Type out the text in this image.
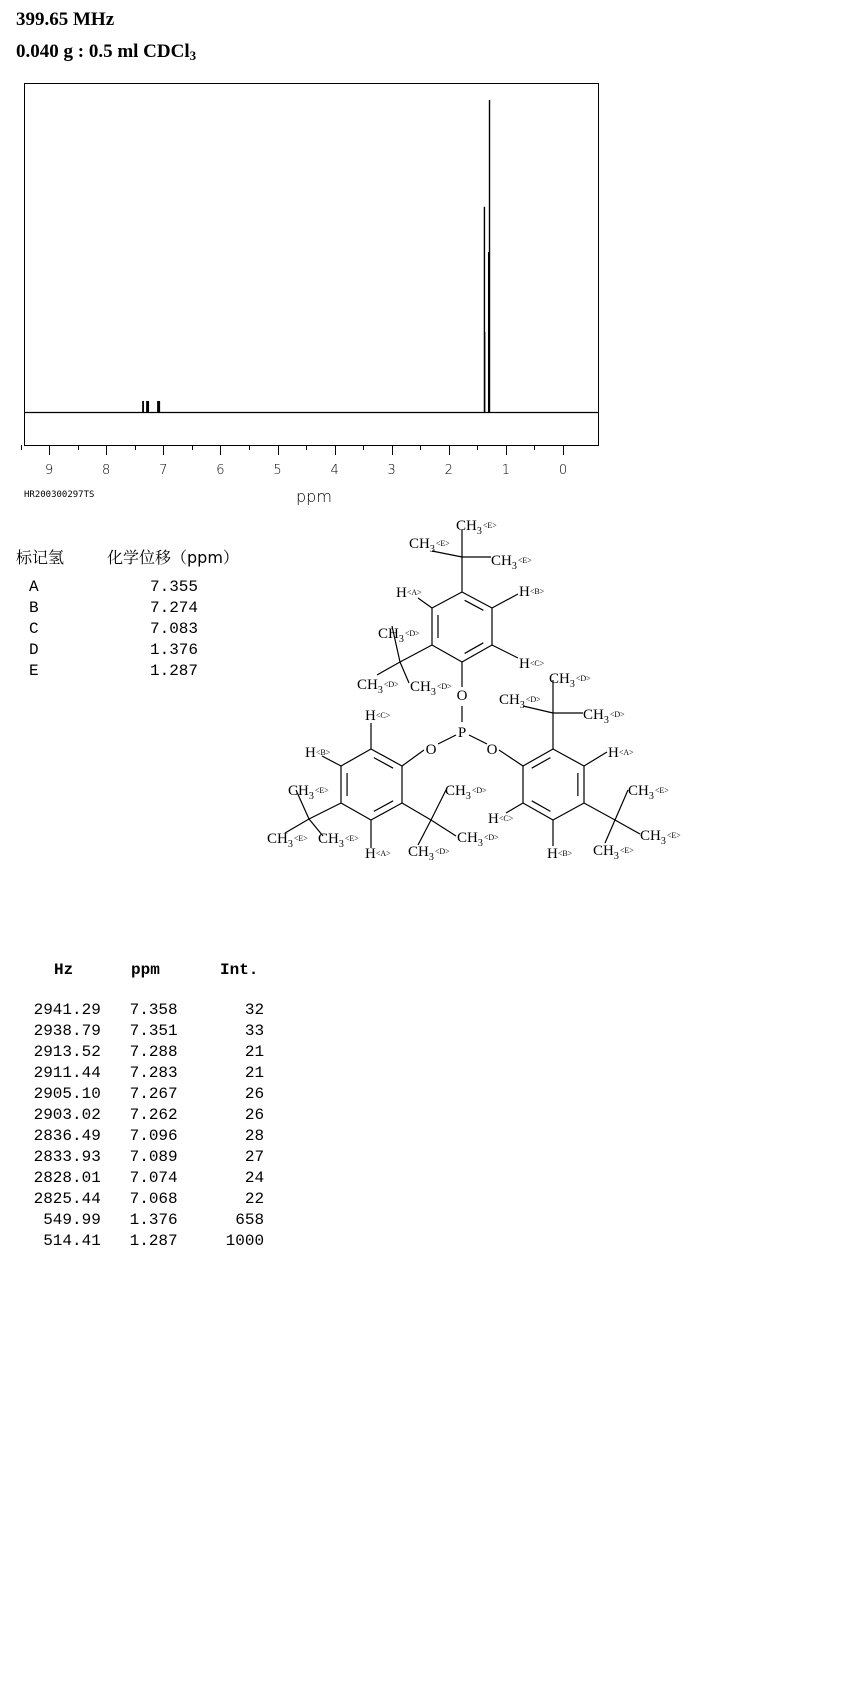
399.65 MHz
0.040 g : 0.5 ml CDCl$_3$
9	8	7	6	5	4	3	2	1	0
ppm
HR200300297TS
标记氢	化学位移（ppm）
A	7.355
B	7.274
C	7.083
D	1.376
E	1.287
Hz	ppm	Int.
2941.29   7.358       32
2938.79   7.351       33
2913.52   7.288       21
2911.44   7.283       21
2905.10   7.267       26
2903.02   7.262       26
2836.49   7.096       28
2833.93   7.089       27
2828.01   7.074       24
2825.44   7.068       22
549.99   1.376      658
514.41   1.287     1000
$CH_3^{<E>}$
$CH_3^{<E>}$
$CH_3^{<E>}$
H<A>	H<B>
H<C>
$CH_3^{<D>}$
$CH_3^{<D>}$ $CH_3^{<D>}$
O
P
O	O
H<C>
H<B>
$CH_3^{<E>}$
$CH_3^{<E>}$ $CH_3^{<E>}$
H<A>
$CH_3^{<D>}$
$CH_3^{<D>}$
$CH_3^{<D>}$
$CH_3^{<D>}$
$CH_3^{<D>}$
$CH_3^{<D>}$
H<A>
H<C>
H<B>
$CH_3^{<E>}$
$CH_3^{<E>}$
$CH_3^{<E>}$
